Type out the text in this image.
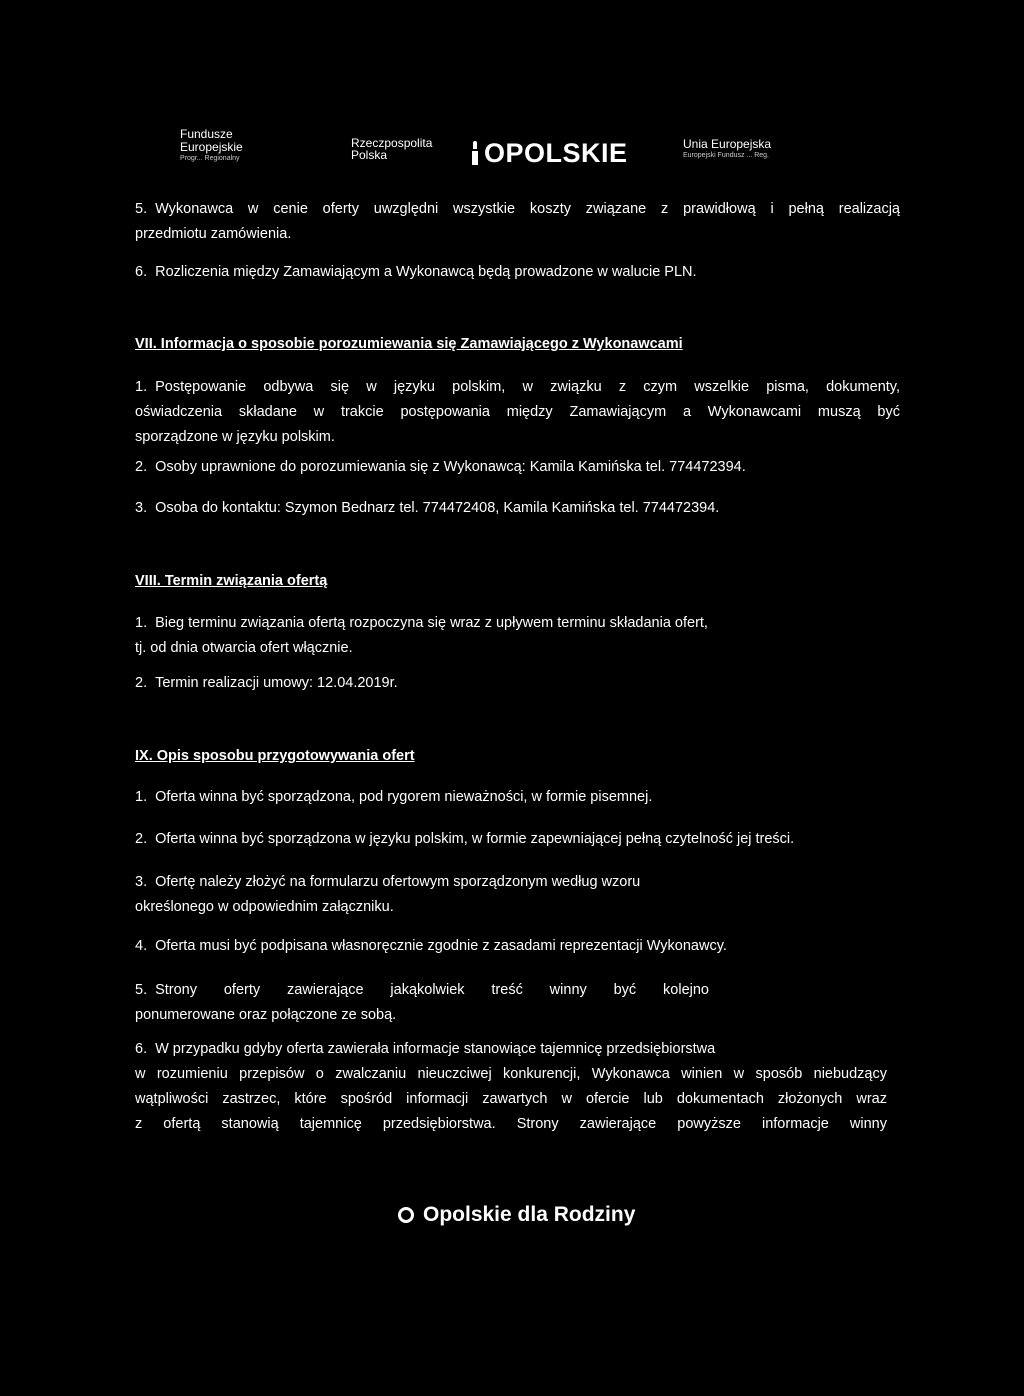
Fundusze
Europejskie
Progr... Regionalny
Rzeczpospolita
Polska	OPOLSKIE	Unia Europejska
Europejski Fundusz ... Reg.
5. Wykonawca w cenie oferty uwzględni wszystkie koszty związane z prawidłową i pełną realizacją
przedmiotu zamówienia.
6. Rozliczenia między Zamawiającym a Wykonawcą będą prowadzone w walucie PLN.
VII. Informacja o sposobie porozumiewania się Zamawiającego z Wykonawcami
1. Postępowanie odbywa się w języku polskim, w związku z czym wszelkie pisma, dokumenty,
oświadczenia składane w trakcie postępowania między Zamawiającym a Wykonawcami muszą być
sporządzone w języku polskim.
2. Osoby uprawnione do porozumiewania się z Wykonawcą: Kamila Kamińska tel. 774472394.
3. Osoba do kontaktu: Szymon Bednarz tel. 774472408, Kamila Kamińska tel. 774472394.
VIII. Termin związania ofertą
1. Bieg terminu związania ofertą rozpoczyna się wraz z upływem terminu składania ofert,
tj. od dnia otwarcia ofert włącznie.
2. Termin realizacji umowy: 12.04.2019r.
IX. Opis sposobu przygotowywania ofert
1. Oferta winna być sporządzona, pod rygorem nieważności, w formie pisemnej.
2. Oferta winna być sporządzona w języku polskim, w formie zapewniającej pełną czytelność jej treści.
3. Ofertę należy złożyć na formularzu ofertowym sporządzonym według wzoru
określonego w odpowiednim załączniku.
4. Oferta musi być podpisana własnoręcznie zgodnie z zasadami reprezentacji Wykonawcy.
5. Strony oferty zawierające jakąkolwiek treść winny być kolejno
ponumerowane oraz połączone ze sobą.
6. W przypadku gdyby oferta zawierała informacje stanowiące tajemnicę przedsiębiorstwa
w rozumieniu przepisów o zwalczaniu nieuczciwej konkurencji, Wykonawca winien w sposób niebudzący
wątpliwości zastrzec, które spośród informacji zawartych w ofercie lub dokumentach złożonych wraz
z ofertą stanowią tajemnicę przedsiębiorstwa. Strony zawierające powyższe informacje winny
Opolskie dla Rodziny
